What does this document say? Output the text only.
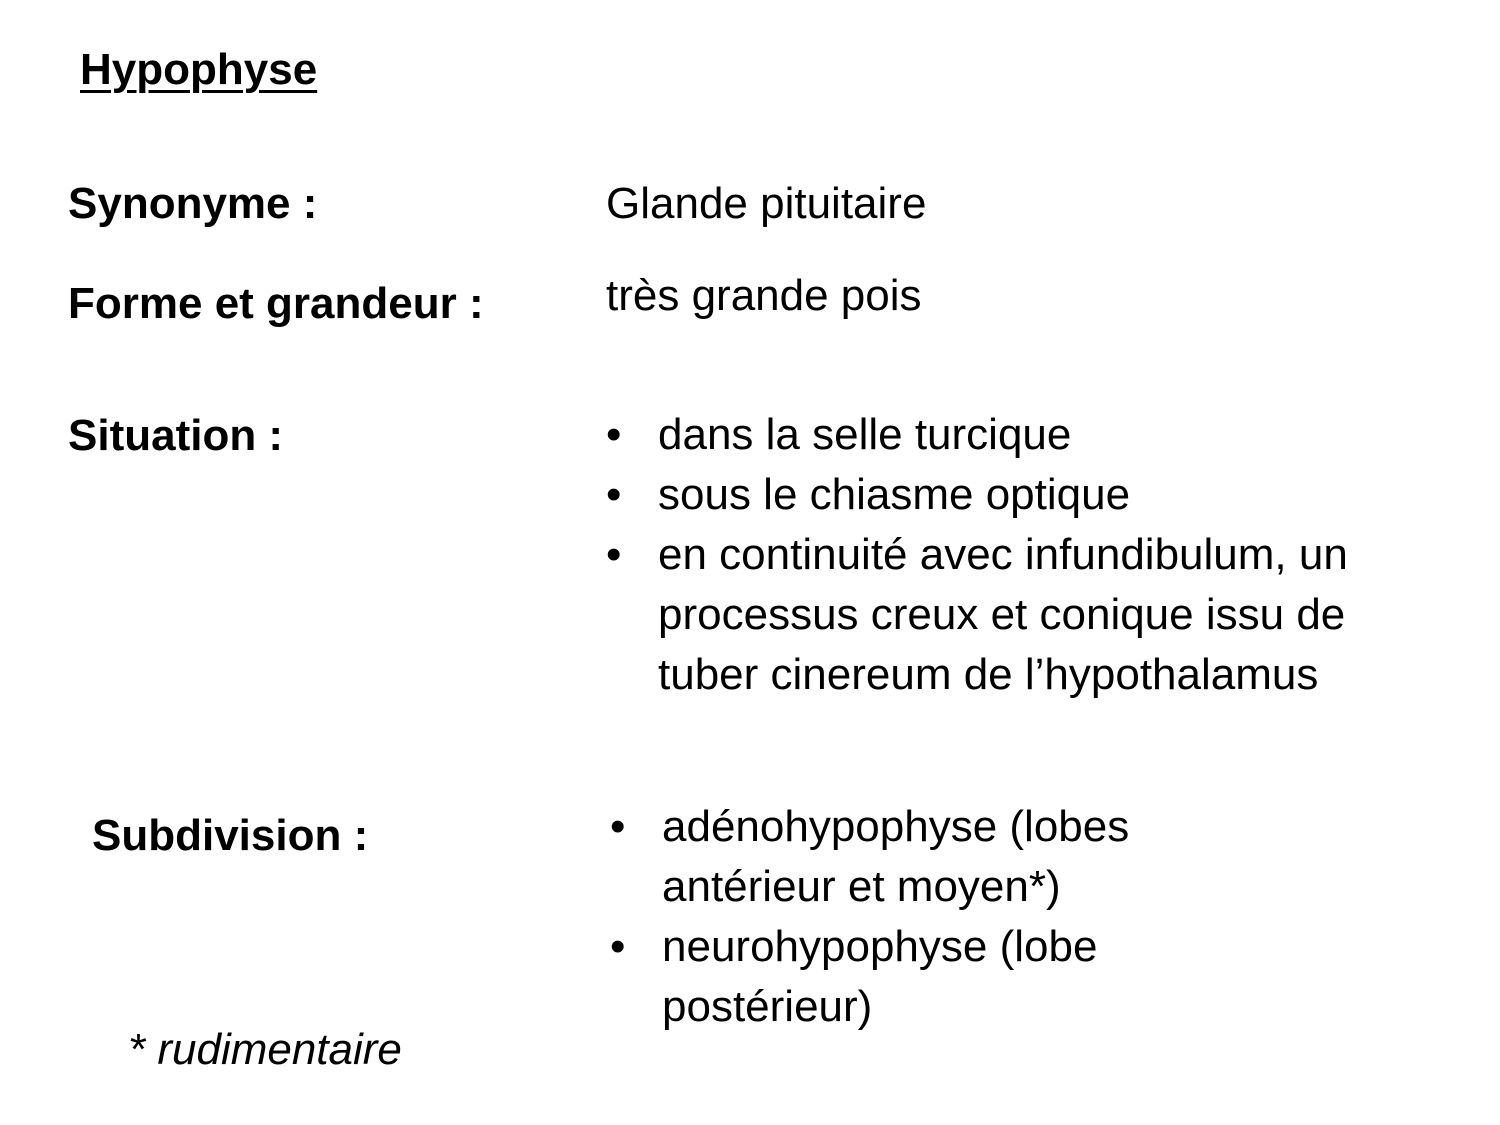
Hypophyse
Synonyme :	Glande pituitaire
Forme et grandeur :	très grande pois
Situation :	• dans la selle turcique
• sous le chiasme optique
• en continuité avec infundibulum, un processus creux et conique issu de tuber cinereum de l’hypothalamus
Subdivision :	• adénohypophyse (lobes antérieur et moyen*)
• neurohypophyse (lobe postérieur)
* rudimentaire
